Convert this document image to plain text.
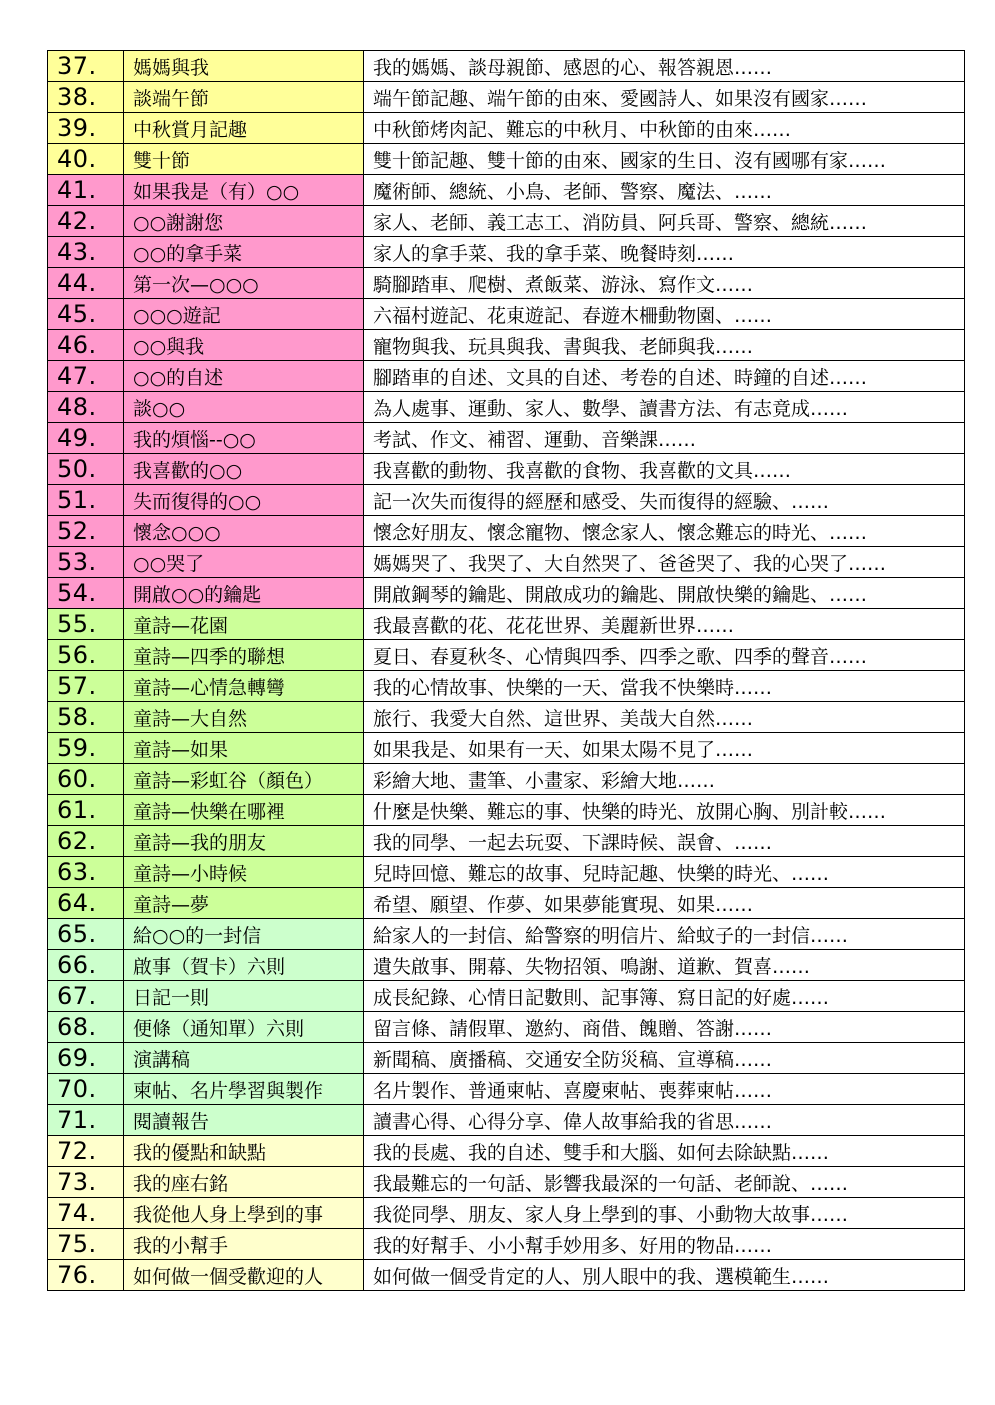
37.	媽媽與我	我的媽媽、談母親節、感恩的心、報答親恩……
38.	談端午節	端午節記趣、端午節的由來、愛國詩人、如果沒有國家……
39.	中秋賞月記趣	中秋節烤肉記、難忘的中秋月、中秋節的由來……
40.	雙十節	雙十節記趣、雙十節的由來、國家的生日、沒有國哪有家……
41.	如果我是（有）○○	魔術師、總統、小鳥、老師、警察、魔法、……
42.	○○謝謝您	家人、老師、義工志工、消防員、阿兵哥、警察、總統……
43.	○○的拿手菜	家人的拿手菜、我的拿手菜、晚餐時刻……
44.	第一次—○○○	騎腳踏車、爬樹、煮飯菜、游泳、寫作文……
45.	○○○遊記	六福村遊記、花東遊記、春遊木柵動物園、……
46.	○○與我	寵物與我、玩具與我、書與我、老師與我……
47.	○○的自述	腳踏車的自述、文具的自述、考卷的自述、時鐘的自述……
48.	談○○	為人處事、運動、家人、數學、讀書方法、有志竟成……
49.	我的煩惱--○○	考試、作文、補習、運動、音樂課……
50.	我喜歡的○○	我喜歡的動物、我喜歡的食物、我喜歡的文具……
51.	失而復得的○○	記一次失而復得的經歷和感受、失而復得的經驗、……
52.	懷念○○○	懷念好朋友、懷念寵物、懷念家人、懷念難忘的時光、……
53.	○○哭了	媽媽哭了、我哭了、大自然哭了、爸爸哭了、我的心哭了……
54.	開啟○○的鑰匙	開啟鋼琴的鑰匙、開啟成功的鑰匙、開啟快樂的鑰匙、……
55.	童詩—花園	我最喜歡的花、花花世界、美麗新世界……
56.	童詩—四季的聯想	夏日、春夏秋冬、心情與四季、四季之歌、四季的聲音……
57.	童詩—心情急轉彎	我的心情故事、快樂的一天、當我不快樂時……
58.	童詩—大自然	旅行、我愛大自然、這世界、美哉大自然……
59.	童詩—如果	如果我是、如果有一天、如果太陽不見了……
60.	童詩—彩虹谷（顏色）	彩繪大地、畫筆、小畫家、彩繪大地……
61.	童詩—快樂在哪裡	什麼是快樂、難忘的事、快樂的時光、放開心胸、別計較……
62.	童詩—我的朋友	我的同學、一起去玩耍、下課時候、誤會、……
63.	童詩—小時候	兒時回憶、難忘的故事、兒時記趣、快樂的時光、……
64.	童詩—夢	希望、願望、作夢、如果夢能實現、如果……
65.	給○○的一封信	給家人的一封信、給警察的明信片、給蚊子的一封信……
66.	啟事（賀卡）六則	遺失啟事、開幕、失物招領、鳴謝、道歉、賀喜……
67.	日記一則	成長紀錄、心情日記數則、記事簿、寫日記的好處……
68.	便條（通知單）六則	留言條、請假單、邀約、商借、餽贈、答謝……
69.	演講稿	新聞稿、廣播稿、交通安全防災稿、宣導稿……
70.	柬帖、名片學習與製作	名片製作、普通柬帖、喜慶柬帖、喪葬柬帖……
71.	閱讀報告	讀書心得、心得分享、偉人故事給我的省思……
72.	我的優點和缺點	我的長處、我的自述、雙手和大腦、如何去除缺點……
73.	我的座右銘	我最難忘的一句話、影響我最深的一句話、老師說、……
74.	我從他人身上學到的事	我從同學、朋友、家人身上學到的事、小動物大故事……
75.	我的小幫手	我的好幫手、小小幫手妙用多、好用的物品……
76.	如何做一個受歡迎的人	如何做一個受肯定的人、別人眼中的我、選模範生……
